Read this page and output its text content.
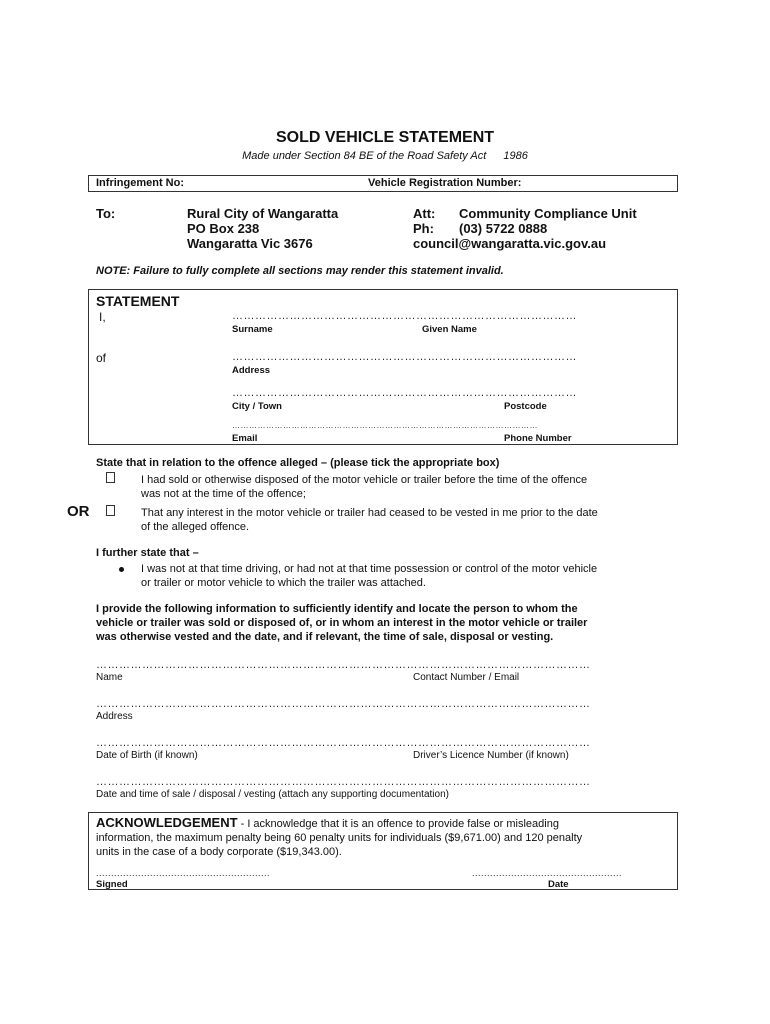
SOLD VEHICLE STATEMENT
Made under Section 84 BE of the Road Safety Act 1986
Infringement No:	Vehicle Registration Number:
To:	Rural City of Wangaratta
PO Box 238
Wangaratta Vic 3676
Att: Community Compliance Unit
Ph: (03) 5722 0888
council@wangaratta.vic.gov.au
NOTE: Failure to fully complete all sections may render this statement invalid.
STATEMENT
I,	………………………………………………………………………………
Surname	Given Name
of	………………………………………………………………………………
Address
………………………………………………………………………………
City / Town	Postcode
………………………………………………………………………………………………
Email	Phone Number
State that in relation to the offence alleged – (please tick the appropriate box)
I had sold or otherwise disposed of the motor vehicle or trailer before the time of the offence
was not at the time of the offence;
OR	That any interest in the motor vehicle or trailer had ceased to be vested in me prior to the date
of the alleged offence.
I further state that –
I was not at that time driving, or had not at that time possession or control of the motor vehicle
or trailer or motor vehicle to which the trailer was attached.
I provide the following information to sufficiently identify and locate the person to whom the
vehicle or trailer was sold or disposed of, or in whom an interest in the motor vehicle or trailer
was otherwise vested and the date, and if relevant, the time of sale, disposal or vesting.
…………………………………………………………………………………………………………………
Name	Contact Number / Email
…………………………………………………………………………………………………………………
Address
…………………………………………………………………………………………………………………
Date of Birth (if known)	Driver’s Licence Number (if known)
…………………………………………………………………………………………………………………
Date and time of sale / disposal / vesting (attach any supporting documentation)
ACKNOWLEDGEMENT - I acknowledge that it is an offence to provide false or misleading
information, the maximum penalty being 60 penalty units for individuals ($9,671.00) and 120 penalty
units in the case of a body corporate ($19,343.00).
..........................................................	..................................................
Signed	Date
